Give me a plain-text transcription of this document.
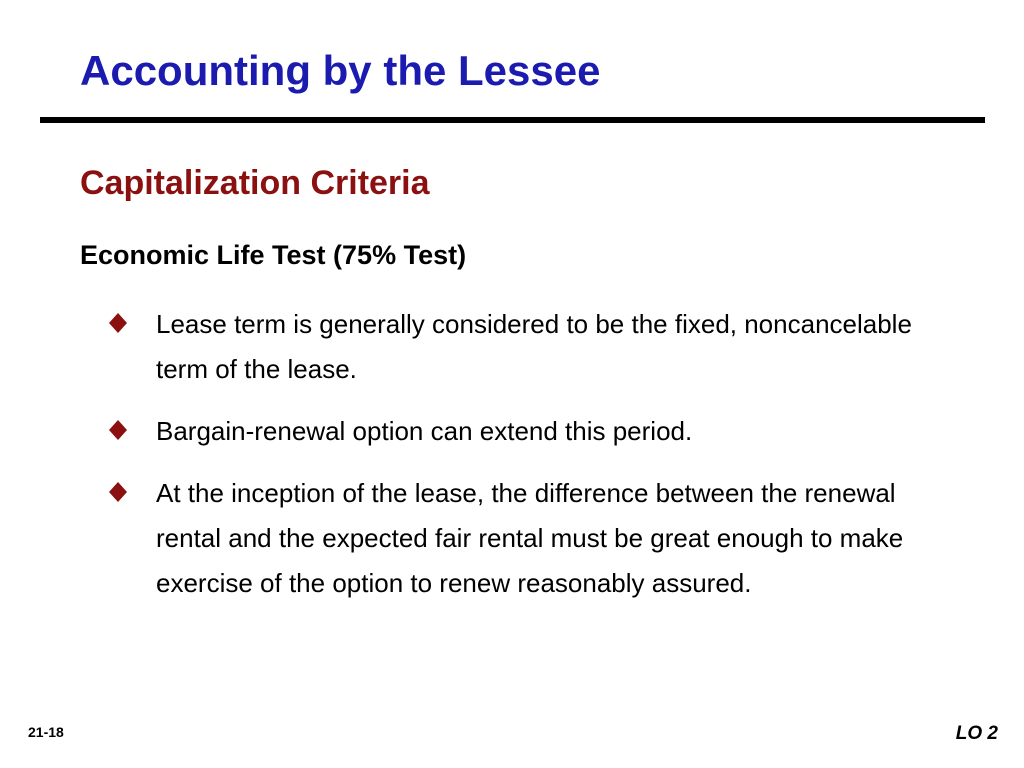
Accounting by the Lessee
Capitalization Criteria
Economic Life Test (75% Test)
Lease term is generally considered to be the fixed, noncancelable term of the lease.
Bargain-renewal option can extend this period.
At the inception of the lease, the difference between the renewal rental and the expected fair rental must be great enough to make exercise of the option to renew reasonably assured.
21-18	LO 2
